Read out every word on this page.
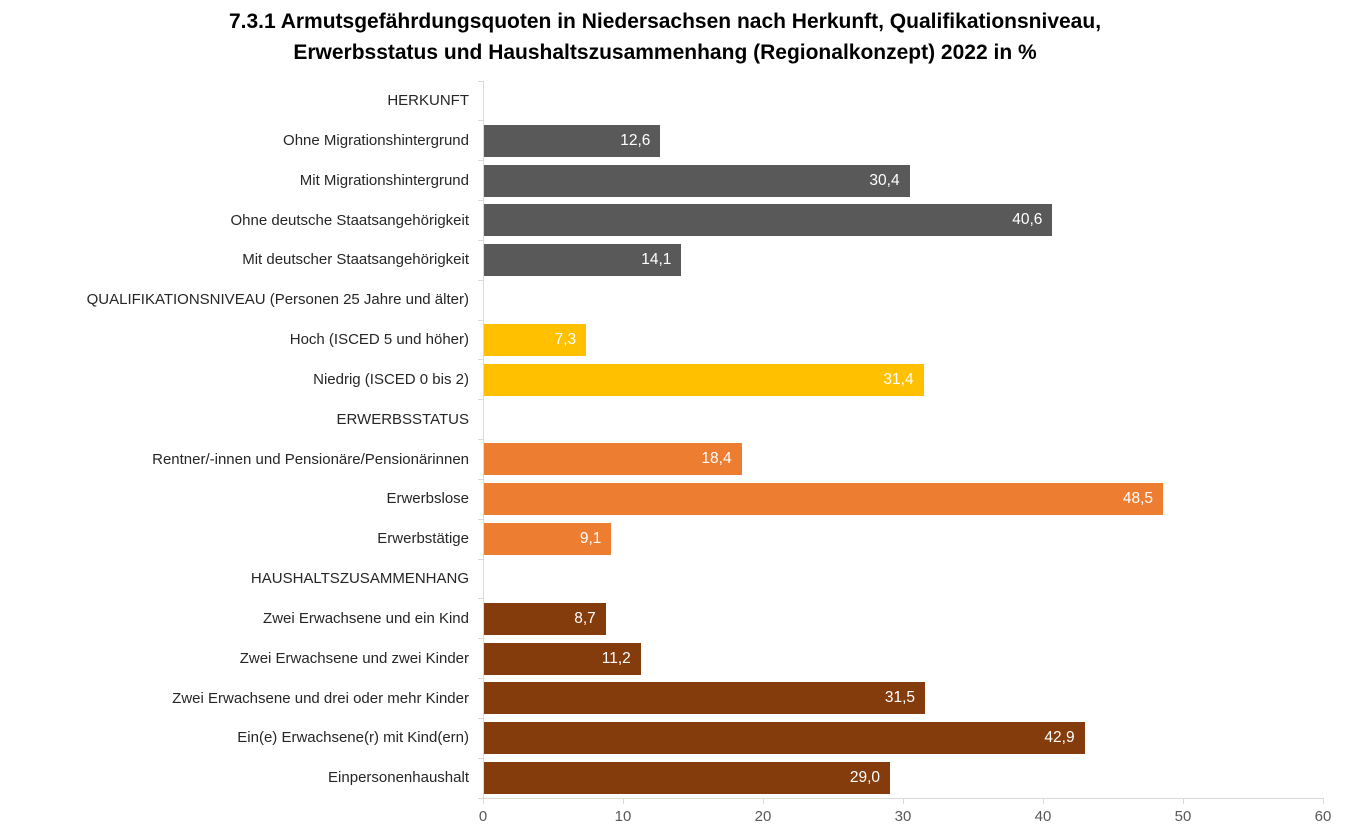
7.3.1 Armutsgefährdungsquoten in Niedersachsen nach Herkunft, Qualifikationsniveau,
Erwerbsstatus und Haushaltszusammenhang (Regionalkonzept) 2022 in %
HERKUNFT
Ohne Migrationshintergrund
Mit Migrationshintergrund
Ohne deutsche Staatsangehörigkeit
Mit deutscher Staatsangehörigkeit
QUALIFIKATIONSNIVEAU (Personen 25 Jahre und älter)
Hoch (ISCED 5 und höher)
Niedrig (ISCED 0 bis 2)
ERWERBSSTATUS
Rentner/-innen und Pensionäre/Pensionärinnen
Erwerbslose
Erwerbstätige
HAUSHALTSZUSAMMENHANG
Zwei Erwachsene und ein Kind
Zwei Erwachsene und zwei Kinder
Zwei Erwachsene und drei oder mehr Kinder
Ein(e) Erwachsene(r) mit Kind(ern)
Einpersonenhaushalt
12,6
30,4
40,6
14,1
7,3
31,4
18,4
48,5
9,1
8,7
11,2
31,5
42,9
29,0
0	10	20	30	40	50	60
